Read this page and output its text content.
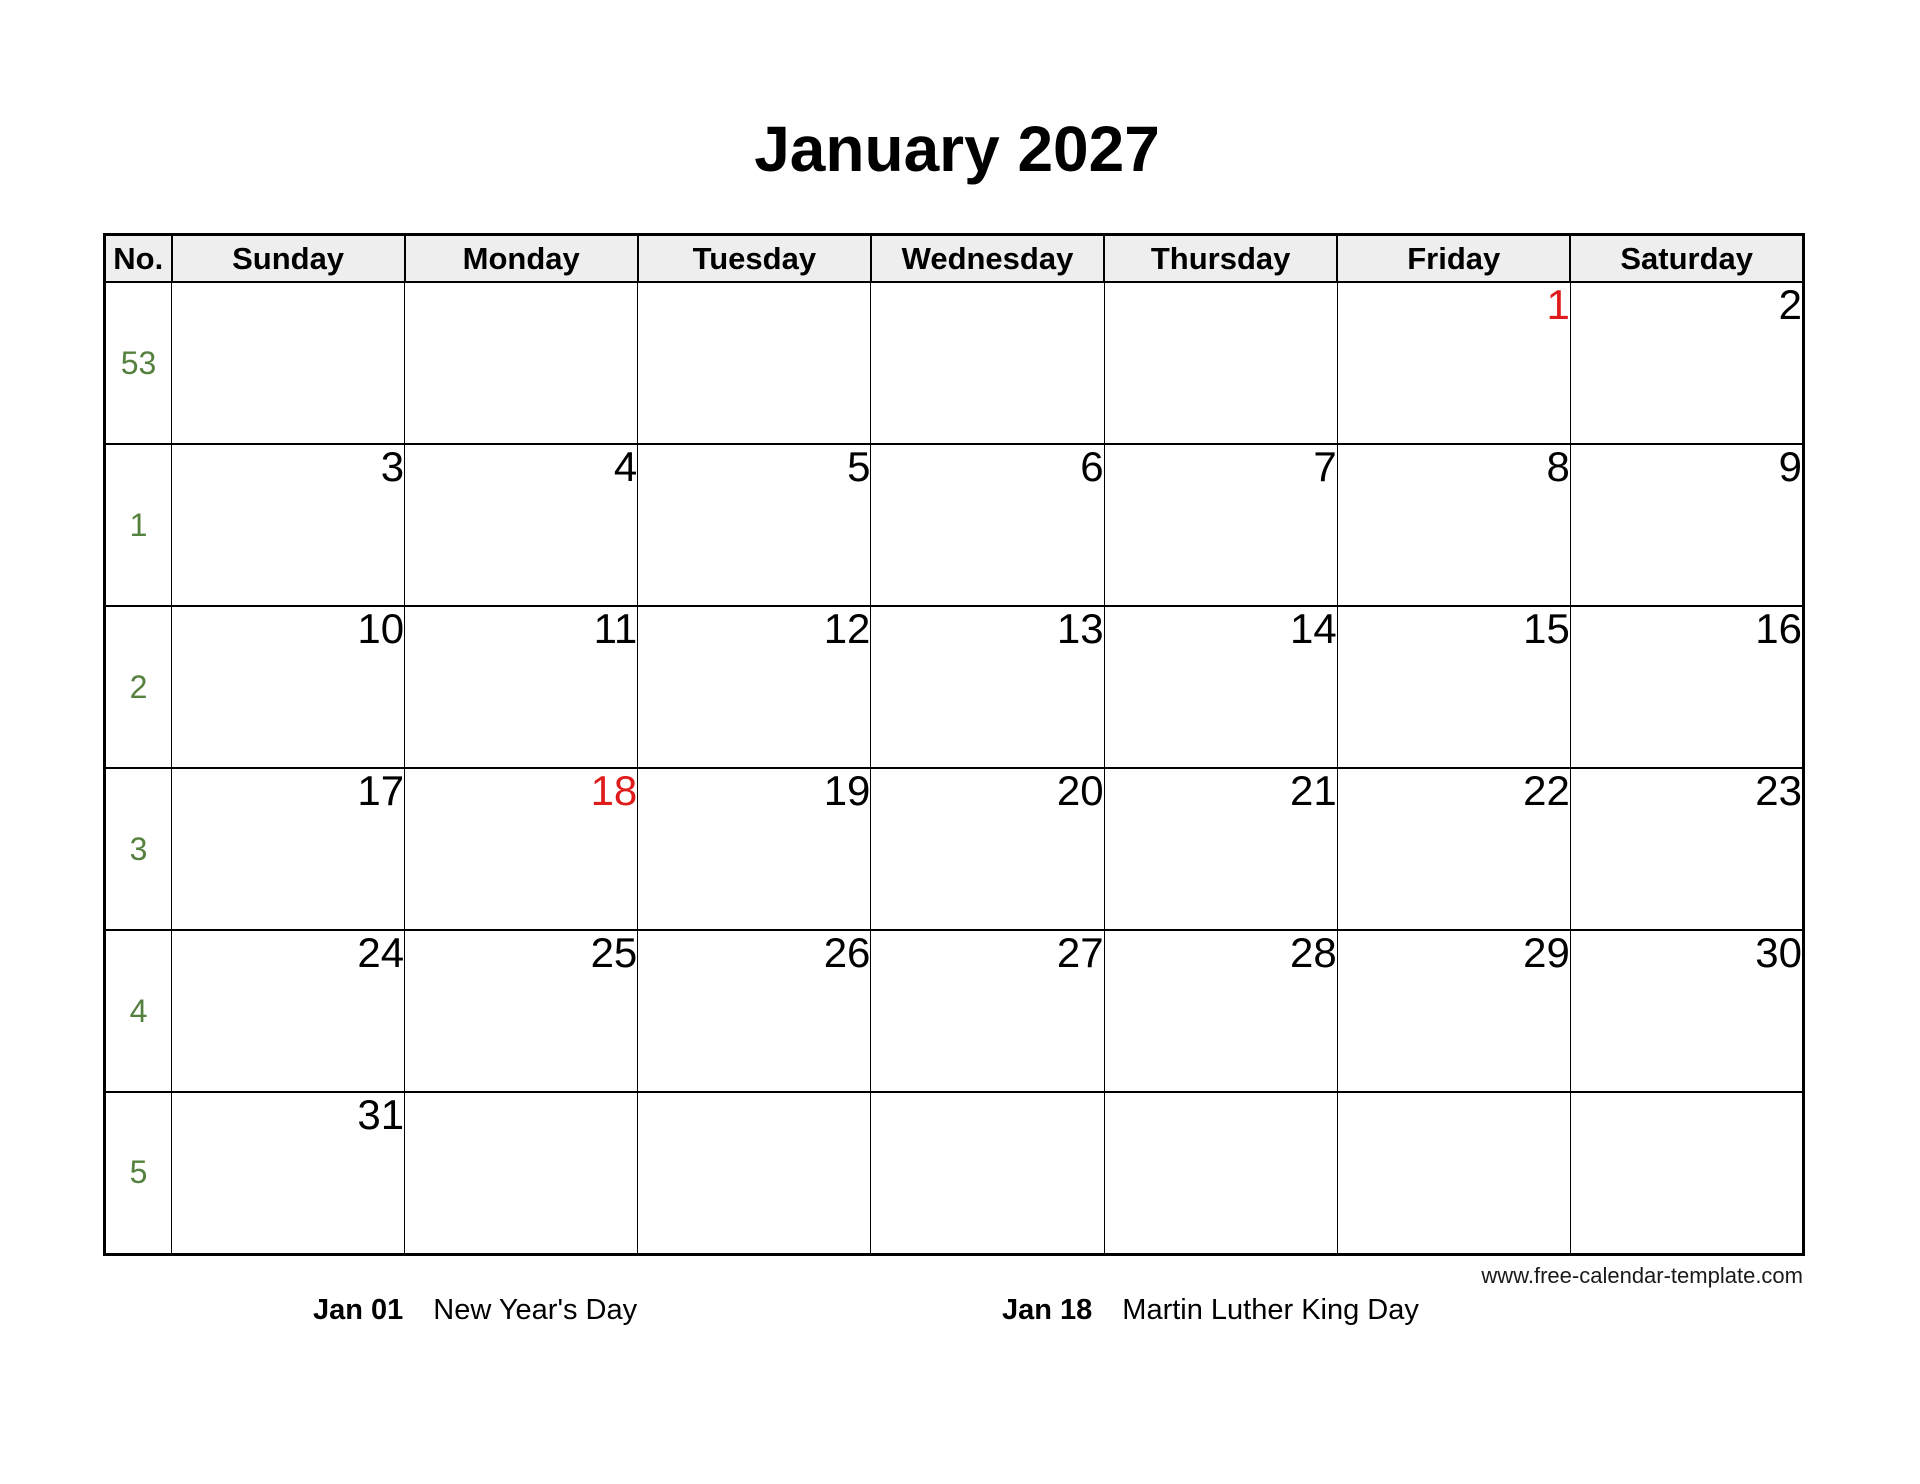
January 2027
No.	Sunday	Monday	Tuesday	Wednesday	Thursday	Friday	Saturday
53						1	2
1	3	4	5	6	7	8	9
2	10	11	12	13	14	15	16
3	17	18	19	20	21	22	23
4	24	25	26	27	28	29	30
5	31						
Jan 01 New Year's Day	Jan 18 Martin Luther King Day
www.free-calendar-template.com
